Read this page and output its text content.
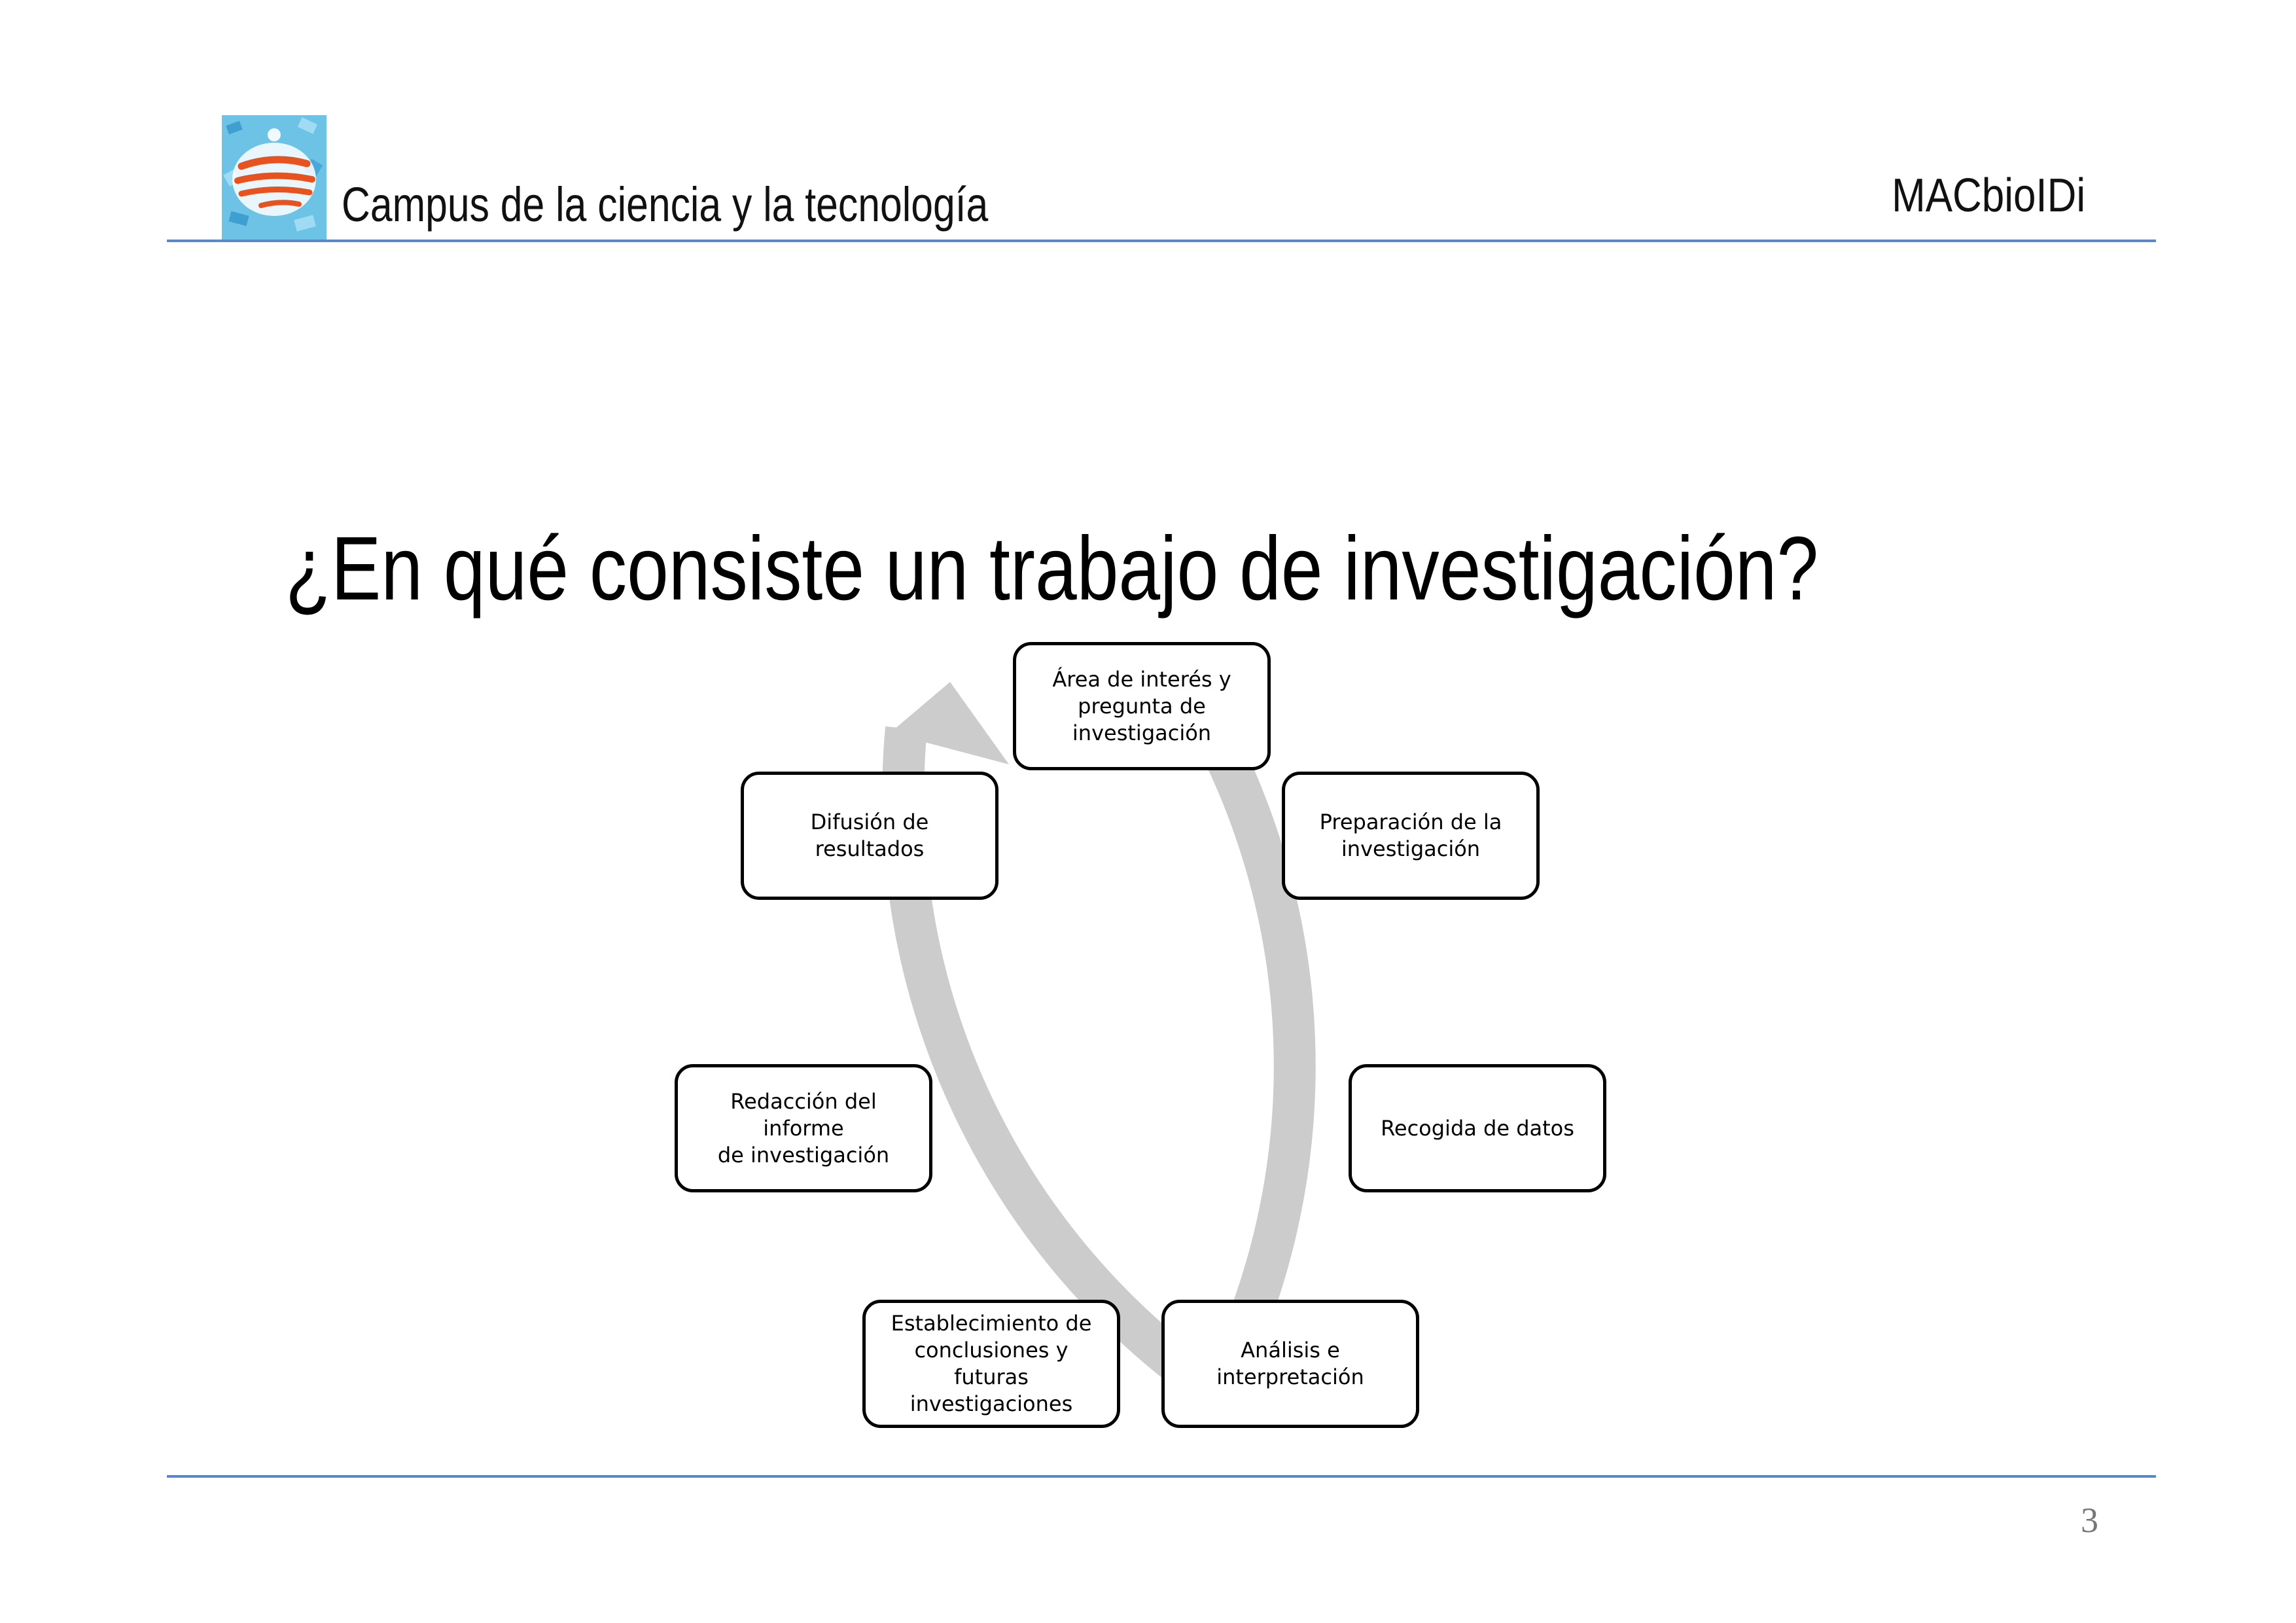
Campus de la ciencia y la tecnología	MACbioIDi
¿En qué consiste un trabajo de investigación?
Área de interés y
pregunta de
investigación
Preparación de la
investigación
Recogida de datos
Análisis e
interpretación
Establecimiento de
conclusiones y futuras
investigaciones
Redacción del informe
de investigación
Difusión de resultados
3
